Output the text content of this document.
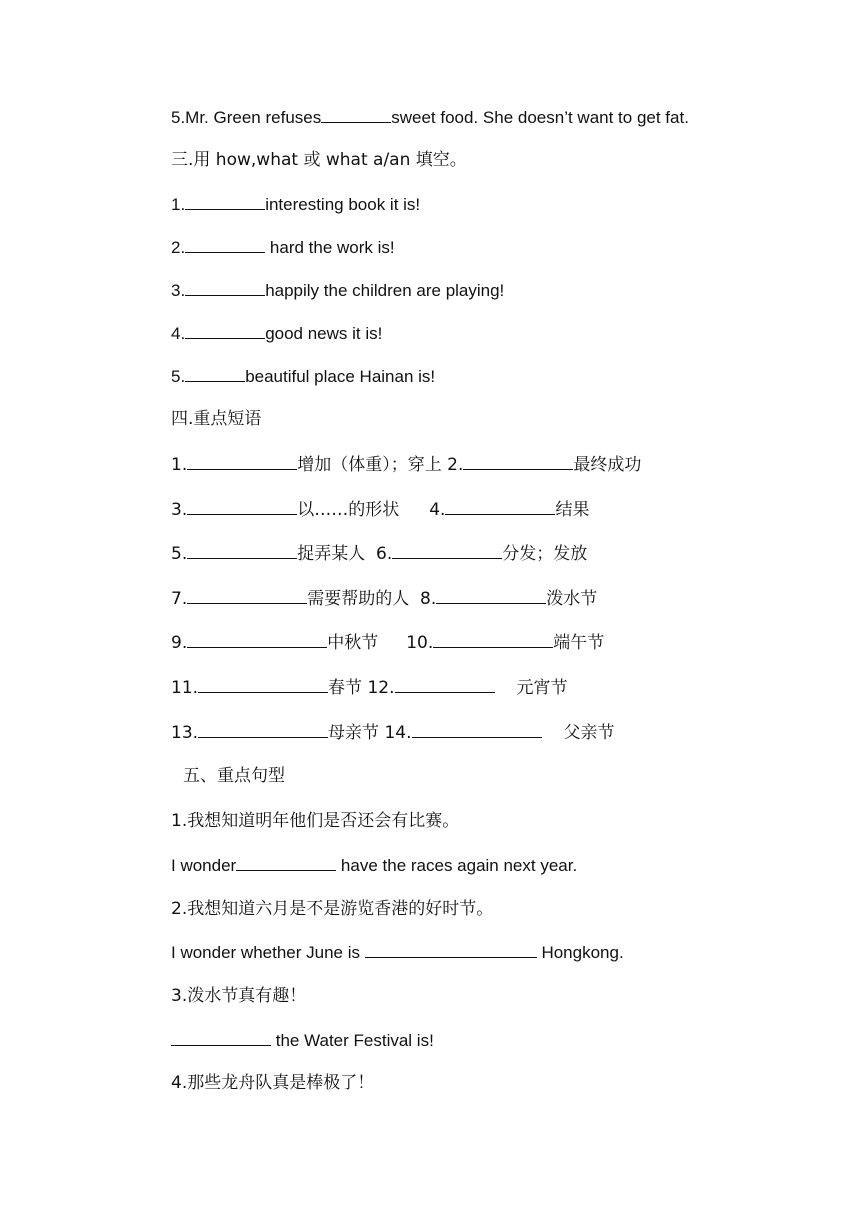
5.Mr. Green refuses	sweet food. She doesn’t want to get fat.
三.用 how,what 或 what a/an 填空。
1.	interesting book it is!
2.	hard the work is!
3.	happily the children are playing!
4.	good news it is!
5.	beautiful place Hainan is!
四.重点短语
1.	增加（体重）；穿上 2.	最终成功
3.	以……的形状 4.	结果
5.	捉弄某人  6.	分发；发放
7.	需要帮助的人  8.	泼水节
9.	中秋节 10.	端午节
11.	春节 12.	元宵节
13.	母亲节 14.	父亲节
五、重点句型
1.我想知道明年他们是否还会有比赛。
I wonder	have the races again next year.
2.我想知道六月是不是游览香港的好时节。
I wonder whether June is	Hongkong.
3.泼水节真有趣！
the Water Festival is!
4.那些龙舟队真是棒极了！
